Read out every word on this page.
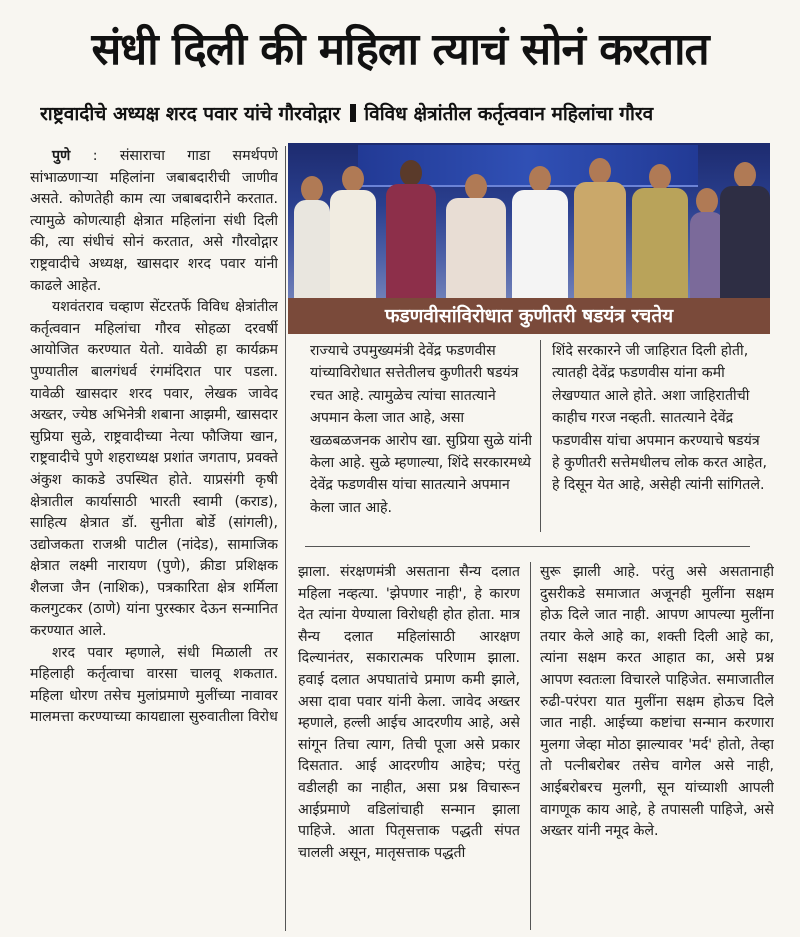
संधी दिली की महिला त्याचं सोनं करतात
राष्ट्रवादीचे अध्यक्ष शरद पवार यांचे गौरवोद्गार विविध क्षेत्रांतील कर्तृत्ववान महिलांचा गौरव

पुणे : संसाराचा गाडा समर्थपणे सांभाळणाऱ्या महिलांना जबाबदारीची जाणीव असते. कोणतेही काम त्या जबाबदारीने करतात. त्यामुळे कोणत्याही क्षेत्रात महिलांना संधी दिली की, त्या संधीचं सोनं करतात, असे गौरवोद्गार राष्ट्रवादीचे अध्यक्ष, खासदार शरद पवार यांनी काढले आहेत.

यशवंतराव चव्हाण सेंटरतर्फे विविध क्षेत्रांतील कर्तृत्ववान महिलांचा गौरव सोहळा दरवर्षी आयोजित करण्यात येतो. यावेळी हा कार्यक्रम पुण्यातील बालगंधर्व रंगमंदिरात पार पडला. यावेळी खासदार शरद पवार, लेखक जावेद अख्तर, ज्येष्ठ अभिनेत्री शबाना आझमी, खासदार सुप्रिया सुळे, राष्ट्रवादीच्या नेत्या फौजिया खान, राष्ट्रवादीचे पुणे शहराध्यक्ष प्रशांत जगताप, प्रवक्ते अंकुश काकडे उपस्थित होते. याप्रसंगी कृषी क्षेत्रातील कार्यासाठी भारती स्वामी (कराड), साहित्य क्षेत्रात डॉ. सुनीता बोर्डे (सांगली), उद्योजकता राजश्री पाटील (नांदेड), सामाजिक क्षेत्रात लक्ष्मी नारायण (पुणे), क्रीडा प्रशिक्षक शैलजा जैन (नाशिक), पत्रकारिता क्षेत्र शर्मिला कलगुटकर (ठाणे) यांना पुरस्कार देऊन सन्मानित करण्यात आले.

शरद पवार म्हणाले, संधी मिळाली तर महिलाही कर्तृत्वाचा वारसा चालवू शकतात. महिला धोरण तसेच मुलांप्रमाणे मुलींच्या नावावर मालमत्ता करण्याच्या कायद्याला सुरुवातीला विरोध

फडणवीसांविरोधात कुणीतरी षडयंत्र रचतेय

राज्याचे उपमुख्यमंत्री देवेंद्र फडणवीस यांच्याविरोधात सत्तेतीलच कुणीतरी षडयंत्र रचत आहे. त्यामुळेच त्यांचा सातत्याने अपमान केला जात आहे, असा खळबळजनक आरोप खा. सुप्रिया सुळे यांनी केला आहे. सुळे म्हणाल्या, शिंदे सरकारमध्ये देवेंद्र फडणवीस यांचा सातत्याने अपमान केला जात आहे.

शिंदे सरकारने जी जाहिरात दिली होती, त्यातही देवेंद्र फडणवीस यांना कमी लेखण्यात आले होते. अशा जाहिरातीची काहीच गरज नव्हती. सातत्याने देवेंद्र फडणवीस यांचा अपमान करण्याचे षडयंत्र हे कुणीतरी सत्तेमधीलच लोक करत आहेत, हे दिसून येत आहे, असेही त्यांनी सांगितले.

झाला. संरक्षणमंत्री असताना सैन्य दलात महिला नव्हत्या. 'झेपणार नाही', हे कारण देत त्यांना येण्याला विरोधही होत होता. मात्र सैन्य दलात महिलांसाठी आरक्षण दिल्यानंतर, सकारात्मक परिणाम झाला. हवाई दलात अपघातांचे प्रमाण कमी झाले, असा दावा पवार यांनी केला. जावेद अख्तर म्हणाले, हल्ली आईच आदरणीय आहे, असे सांगून तिचा त्याग, तिची पूजा असे प्रकार दिसतात. आई आदरणीय आहेच; परंतु वडीलही का नाहीत, असा प्रश्न विचारून आईप्रमाणे वडिलांचाही सन्मान झाला पाहिजे. आता पितृसत्ताक पद्धती संपत चालली असून, मातृसत्ताक पद्धती

सुरू झाली आहे. परंतु असे असतानाही दुसरीकडे समाजात अजूनही मुलींना सक्षम होऊ दिले जात नाही. आपण आपल्या मुलींना तयार केले आहे का, शक्ती दिली आहे का, त्यांना सक्षम करत आहात का, असे प्रश्न आपण स्वतःला विचारले पाहिजेत. समाजातील रुढी-परंपरा यात मुलींना सक्षम होऊच दिले जात नाही. आईच्या कष्टांचा सन्मान करणारा मुलगा जेव्हा मोठा झाल्यावर 'मर्द' होतो, तेव्हा तो पत्नीबरोबर तसेच वागेल असे नाही, आईबरोबरच मुलगी, सून यांच्याशी आपली वागणूक काय आहे, हे तपासली पाहिजे, असे अख्तर यांनी नमूद केले.
